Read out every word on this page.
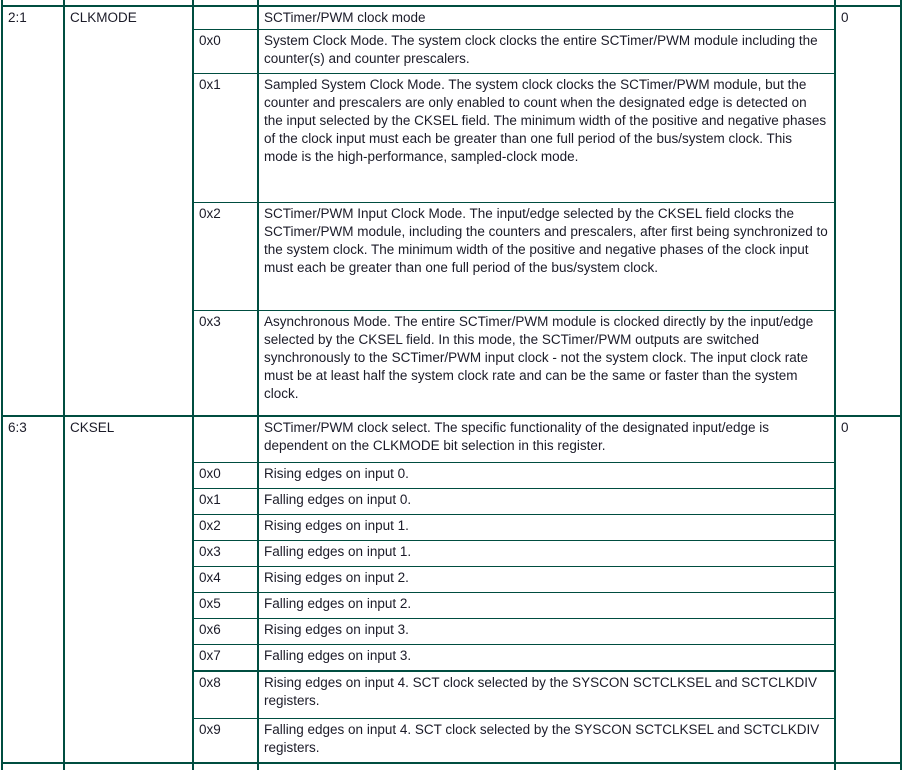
2:1	CLKMODE		SCTimer/PWM clock mode	0
		0x0	System Clock Mode. The system clock clocks the entire SCTimer/PWM module including the counter(s) and counter prescalers.	
		0x1	Sampled System Clock Mode. The system clock clocks the SCTimer/PWM module, but the counter and prescalers are only enabled to count when the designated edge is detected on the input selected by the CKSEL field. The minimum width of the positive and negative phases of the clock input must each be greater than one full period of the bus/system clock. This mode is the high-performance, sampled-clock mode.	
		0x2	SCTimer/PWM Input Clock Mode. The input/edge selected by the CKSEL field clocks the SCTimer/PWM module, including the counters and prescalers, after first being synchronized to the system clock. The minimum width of the positive and negative phases of the clock input must each be greater than one full period of the bus/system clock.	
		0x3	Asynchronous Mode. The entire SCTimer/PWM module is clocked directly by the input/edge selected by the CKSEL field. In this mode, the SCTimer/PWM outputs are switched synchronously to the SCTimer/PWM input clock - not the system clock. The input clock rate must be at least half the system clock rate and can be the same or faster than the system clock.	
6:3	CKSEL		SCTimer/PWM clock select. The specific functionality of the designated input/edge is dependent on the CLKMODE bit selection in this register.	0
		0x0	Rising edges on input 0.	
		0x1	Falling edges on input 0.	
		0x2	Rising edges on input 1.	
		0x3	Falling edges on input 1.	
		0x4	Rising edges on input 2.	
		0x5	Falling edges on input 2.	
		0x6	Rising edges on input 3.	
		0x7	Falling edges on input 3.	
		0x8	Rising edges on input 4. SCT clock selected by the SYSCON SCTCLKSEL and SCTCLKDIV registers.	
		0x9	Falling edges on input 4. SCT clock selected by the SYSCON SCTCLKSEL and SCTCLKDIV registers.	
